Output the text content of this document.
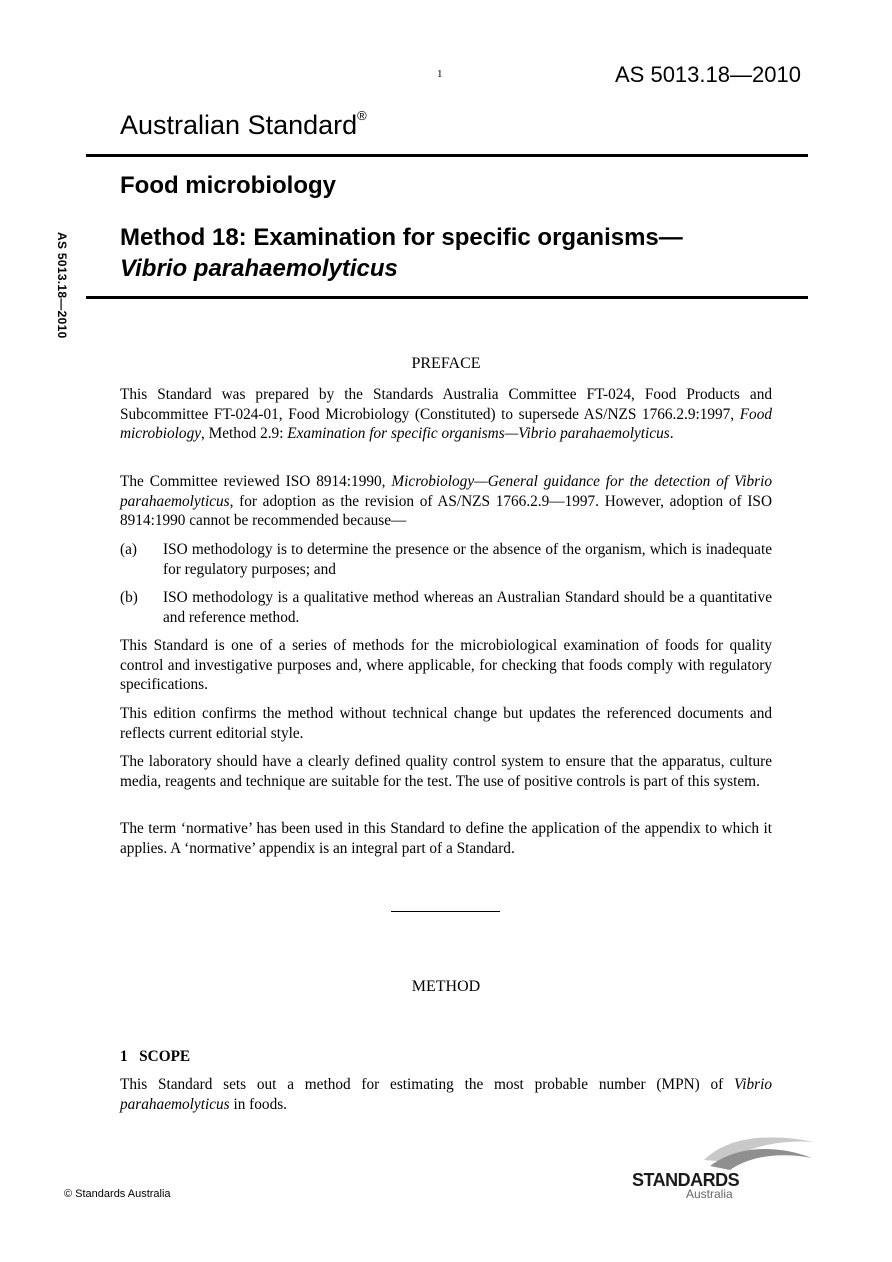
1	AS 5013.18—2010
Australian Standard®
AS 5013.18—2010
Food microbiology
Method 18: Examination for specific organisms—
Vibrio parahaemolyticus
PREFACE
This Standard was prepared by the Standards Australia Committee FT-024, Food Products and Subcommittee FT-024-01, Food Microbiology (Constituted) to supersede AS/NZS 1766.2.9:1997, Food microbiology, Method 2.9: Examination for specific organisms—Vibrio parahaemolyticus.
The Committee reviewed ISO 8914:1990, Microbiology—General guidance for the detection of Vibrio parahaemolyticus, for adoption as the revision of AS/NZS 1766.2.9—1997. However, adoption of ISO 8914:1990 cannot be recommended because—
(a) ISO methodology is to determine the presence or the absence of the organism, which is inadequate for regulatory purposes; and
(b) ISO methodology is a qualitative method whereas an Australian Standard should be a quantitative and reference method.
This Standard is one of a series of methods for the microbiological examination of foods for quality control and investigative purposes and, where applicable, for checking that foods comply with regulatory specifications.
This edition confirms the method without technical change but updates the referenced documents and reflects current editorial style.
The laboratory should have a clearly defined quality control system to ensure that the apparatus, culture media, reagents and technique are suitable for the test. The use of positive controls is part of this system.
The term ‘normative’ has been used in this Standard to define the application of the appendix to which it applies. A ‘normative’ appendix is an integral part of a Standard.
METHOD
1 SCOPE
This Standard sets out a method for estimating the most probable number (MPN) of Vibrio parahaemolyticus in foods.
© Standards Australia
STANDARDS
Australia
